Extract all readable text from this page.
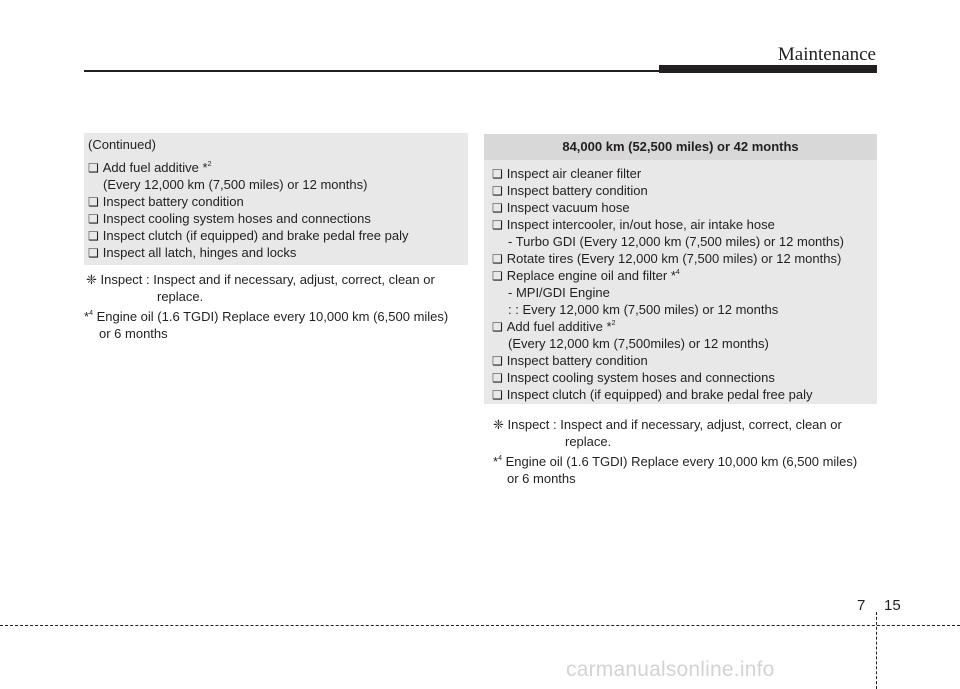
Maintenance
(Continued)
❑ Add fuel additive *$^2$
(Every 12,000 km (7,500 miles) or 12 months)
❑ Inspect battery condition
❑ Inspect cooling system hoses and connections
❑ Inspect clutch (if equipped) and brake pedal free paly
❑ Inspect all latch, hinges and locks
❈ Inspect : Inspect and if necessary, adjust, correct, clean or
replace.
*$^4$ Engine oil (1.6 TGDI) Replace every 10,000 km (6,500 miles)
or 6 months
84,000 km (52,500 miles) or 42 months
❑ Inspect air cleaner filter
❑ Inspect battery condition
❑ Inspect vacuum hose
❑ Inspect intercooler, in/out hose, air intake hose
- Turbo GDI (Every 12,000 km (7,500 miles) or 12 months)
❑ Rotate tires (Every 12,000 km (7,500 miles) or 12 months)
❑ Replace engine oil and filter *$^4$
- MPI/GDI Engine
: : Every 12,000 km (7,500 miles) or 12 months
❑ Add fuel additive *$^2$
(Every 12,000 km (7,500miles) or 12 months)
❑ Inspect battery condition
❑ Inspect cooling system hoses and connections
❑ Inspect clutch (if equipped) and brake pedal free paly
❈ Inspect : Inspect and if necessary, adjust, correct, clean or
replace.
*$^4$ Engine oil (1.6 TGDI) Replace every 10,000 km (6,500 miles)
or 6 months
7 15
carmanualsonline.info
